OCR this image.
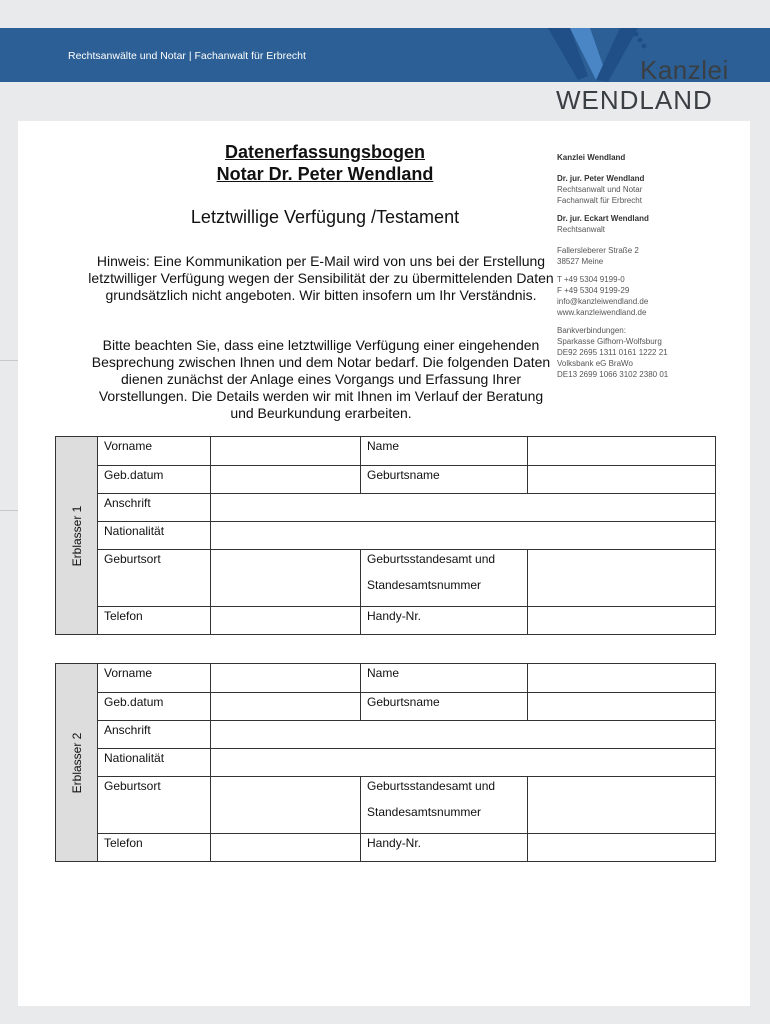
Rechtsanwälte und Notar | Fachanwalt für Erbrecht	Kanzlei
WENDLAND
Datenerfassungsbogen
Notar Dr. Peter Wendland
Letztwillige Verfügung /Testament
Hinweis: Eine Kommunikation per E-Mail wird von uns bei der Erstellung letztwilliger Verfügung wegen der Sensibilität der zu übermittelenden Daten grundsätzlich nicht angeboten. Wir bitten insofern um Ihr Verständnis.
Bitte beachten Sie, dass eine letztwillige Verfügung einer eingehenden Besprechung zwischen Ihnen und dem Notar bedarf. Die folgenden Daten dienen zunächst der Anlage eines Vorgangs und Erfassung Ihrer Vorstellungen. Die Details werden wir mit Ihnen im Verlauf der Beratung und Beurkundung erarbeiten.
Kanzlei Wendland
Dr. jur. Peter Wendland
Rechtsanwalt und Notar
Fachanwalt für Erbrecht
Dr. jur. Eckart Wendland
Rechtsanwalt
Fallersleberer Straße 2
38527 Meine
T +49 5304 9199-0
F +49 5304 9199-29
info@kanzleiwendland.de
www.kanzleiwendland.de
Bankverbindungen:
Sparkasse Gifhorn-Wolfsburg
DE92 2695 1311 0161 1222 21
Volksbank eG BraWo
DE13 2699 1066 3102 2380 01
Erblasser 1	Vorname		Name	
	Geb.datum		Geburtsname	
	Anschrift			
	Nationalität			
	Geburtsort		Geburtsstandesamt und
Standesamtsnummer	

	Telefon		Handy-Nr.	
Erblasser 2	Vorname		Name	
	Geb.datum		Geburtsname	
	Anschrift			
	Nationalität			
	Geburtsort		Geburtsstandesamt und
Standesamtsnummer	

	Telefon		Handy-Nr.	
